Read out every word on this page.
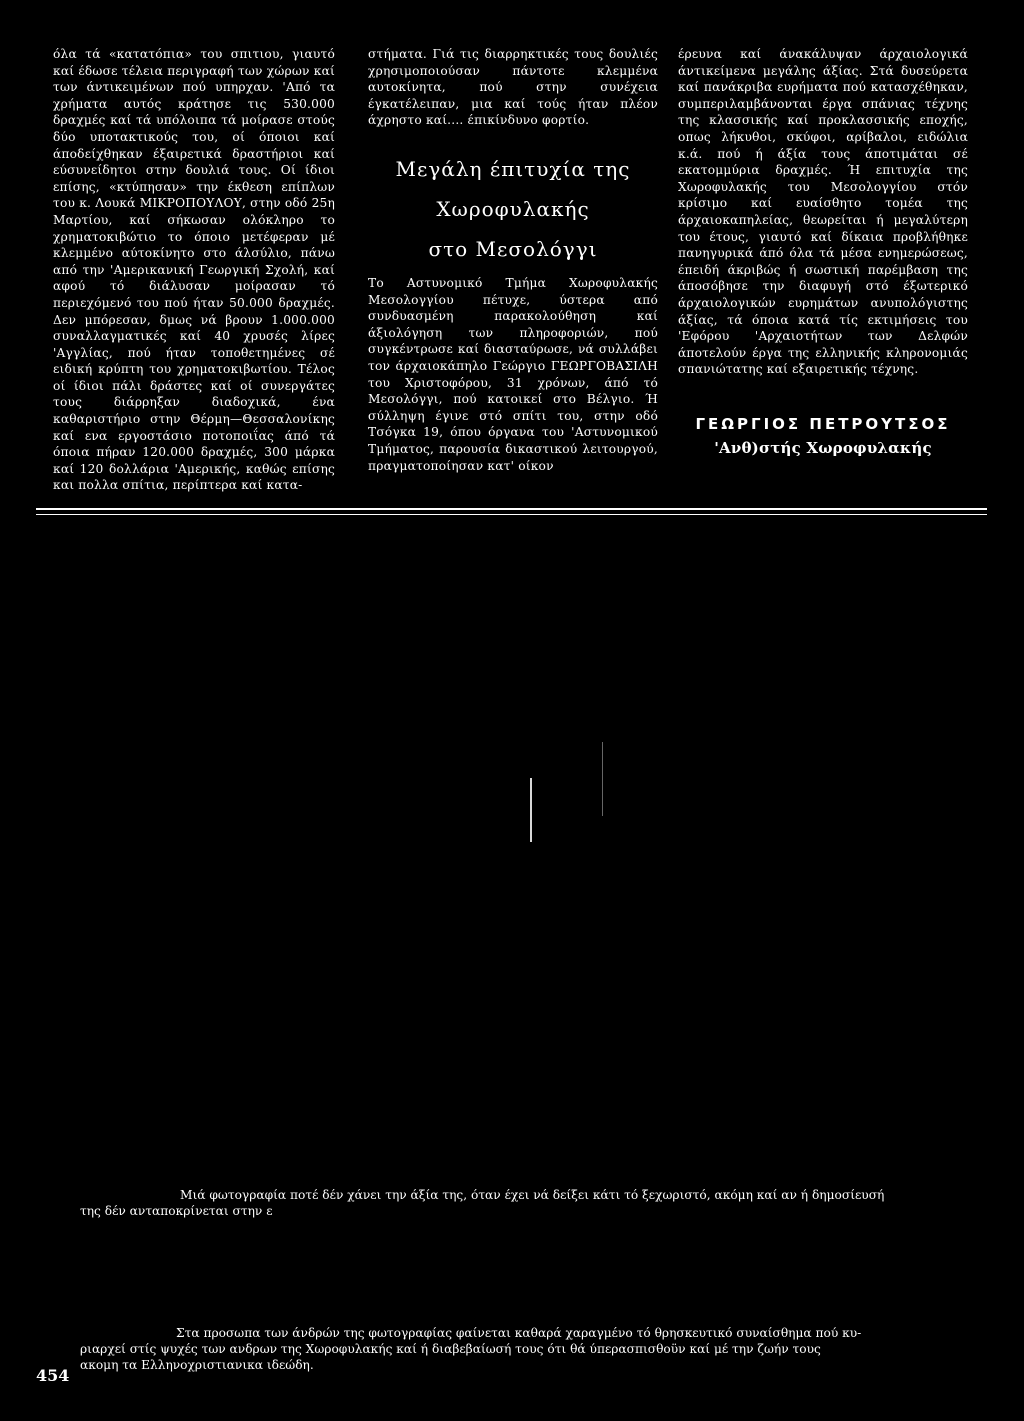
όλα τά «κατατόπια» του σπιτιου, γιαυτό καί έδωσε τέλεια περιγραφή των χώρων καί των άντικειμένων πού υπηρχαν. 'Από τα χρήματα αυτός κράτησε τις 530.000 δραχμές καί τά υπόλοιπα τά μοίρασε στούς δύο υποτακτικούς του, οί όποιοι καί άποδείχθηκαν έξαιρετικά δραστήριοι καί εύσυνείδητοι στην δουλιά τους. Οί ίδιοι επίσης, «κτύπησαν» την έκθεση επίπλων του κ. Λουκά ΜΙΚΡΟΠΟΥΛΟΥ, στην οδό 25η Μαρτίου, καί σήκωσαν ολόκληρο το χρηματοκιβώτιο το όποιο μετέφεραν μέ κλεμμένο αύτοκίνητο στο άλσύλιο, πάνω από την 'Αμερικανική Γεωργική Σχολή, καί αφού τό διάλυσαν μοίρασαν τό περιεχόμενό του πού ήταν 50.000 δραχμές. Δεν μπόρεσαν, δμως νά βρουν 1.000.000 συναλλαγματικές καί 40 χρυσές λίρες 'Αγγλίας, πού ήταν τοποθετημένες σέ ειδική κρύπτη του χρηματοκιβωτίου. Τέλος οί ίδιοι πάλι δράστες καί οί συνεργάτες τους διάρρηξαν διαδοχικά, ένα καθαριστήριο στην Θέρμη—Θεσσαλονίκης καί ενα εργοστάσιο ποτοποιΐας άπό τά όποια πήραν 120.000 δραχμές, 300 μάρκα καί 120 δολλάρια 'Αμερικής, καθώς επίσης και πολλα σπίτια, περίπτερα καί κατα-

στήματα. Γιά τις διαρρηκτικές τους δουλιές χρησιμοποιούσαν πάντοτε κλεμμένα αυτοκίνητα, πού στην συνέχεια έγκατέλειπαν, μια καί τούς ήταν πλέον άχρηστο καί.... έπικίνδυνο φορτίο.

Μεγάλη έπιτυχία της
Χωροφυλακής
στο Μεσολόγγι

Το Αστυνομικό Τμήμα Χωροφυλακής Μεσολογγίου πέτυχε, ύστερα από συνδυασμένη παρακολούθηση καί άξιολόγηση των πληροφοριών, πού συγκέντρωσε καί διασταύρωσε, νά συλλάβει τον άρχαιοκάπηλο Γεώργιο ΓΕΩΡΓΟΒΑΣΙΛΗ του Χριστοφόρου, 31 χρόνων, άπό τό Μεσολόγγι, πού κατοικεί στο Βέλγιο. Ή σύλληψη έγινε στό σπίτι του, στην οδό Τσόγκα 19, όπου όργανα του 'Αστυνομικού Τμήματος, παρουσία δικαστικού λειτουργού, πραγματοποίησαν κατ' οίκον

έρευνα καί άνακάλυψαν άρχαιολογικά άντικείμενα μεγάλης άξίας. Στά δυσεύρετα καί πανάκριβα ευρήματα πού κατασχέθηκαν, συμπεριλαμβάνονται έργα σπάνιας τέχνης της κλασσικής καί προκλασσικής εποχής, οπως λήκυθοι, σκύφοι, αρίβαλοι, ειδώλια κ.ά. πού ή άξία τους άποτιμάται σέ εκατομμύρια δραχμές. Ή επιτυχία της Χωροφυλακής του Μεσολογγίου στόν κρίσιμο καί ευαίσθητο τομέα της άρχαιοκαπηλείας, θεωρείται ή μεγαλύτερη του έτους, γιαυτό καί δίκαια προβλήθηκε πανηγυρικά άπό όλα τά μέσα ενημερώσεως, έπειδή άκριβώς ή σωστική παρέμβαση της άποσόβησε την διαφυγή στό έξωτερικό άρχαιολογικών ευρημάτων ανυπολόγιστης άξίας, τά όποια κατά τίς εκτιμήσεις του 'Εφόρου 'Αρχαιοτήτων των Δελφών άποτελούν έργα της ελληνικής κληρονομιάς σπανιώτατης καί εξαιρετικής τέχνης.

ΓΕΩΡΓΙΟΣ ΠΕΤΡΟΥΤΣΟΣ
'Ανθ)στής Χωροφυλακής
Μιά φωτογραφία ποτέ δέν χάνει την άξία της, όταν έχει νά δείξει κάτι τό ξεχωριστό, ακόμη καί αν ή δημοσίευσή
της δέν ανταποκρίνεται στην ε
Στα προσωπα των άνδρών της φωτογραφίας φαίνεται καθαρά χαραγμένο τό θρησκευτικό συναίσθημα πού κυ-
ριαρχεί στίς ψυχές των ανδρων της Χωροφυλακής καί ή διαβεβαίωσή τους ότι θά ύπερασπισθοϋν καί μέ την ζωήν τους
ακομη τα Ελληνοχριστιανικα ιδεώδη.
454
